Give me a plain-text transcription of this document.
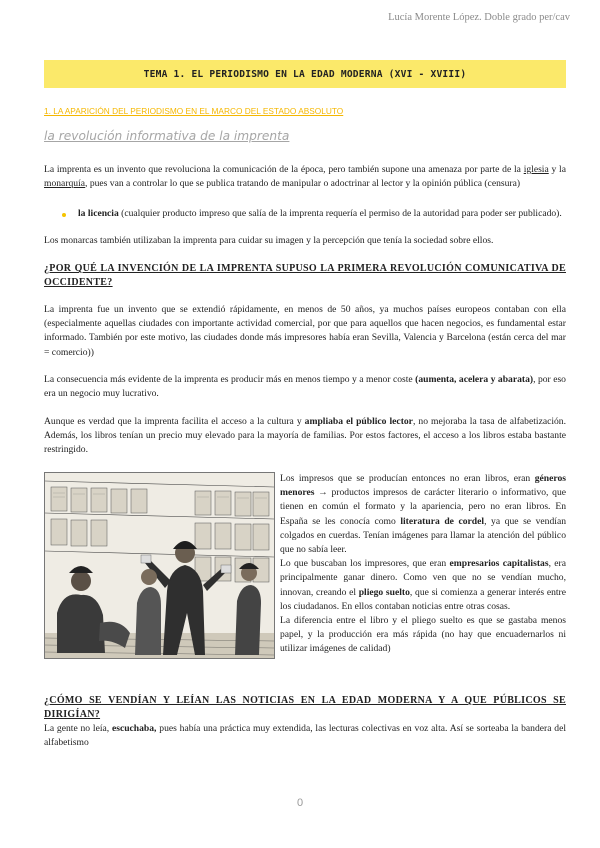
Lucía Morente López. Doble grado per/cav
TEMA 1. EL PERIODISMO EN LA EDAD MODERNA (XVI - XVIII)
1. LA APARICIÓN DEL PERIODISMO EN EL MARCO DEL ESTADO ABSOLUTO
la revolución informativa de la imprenta

La imprenta es un invento que revoluciona la comunicación de la época, pero también supone una amenaza por parte de la iglesia y la monarquía, pues van a controlar lo que se publica tratando de manipular o adoctrinar al lector y la opinión pública (censura)

la licencia (cualquier producto impreso que salía de la imprenta requería el permiso de la autoridad para poder ser publicado).

Los monarcas también utilizaban la imprenta para cuidar su imagen y la percepción que tenía la sociedad sobre ellos.

¿POR QUÉ LA INVENCIÓN DE LA IMPRENTA SUPUSO LA PRIMERA REVOLUCIÓN COMUNICATIVA DE OCCIDENTE?

La imprenta fue un invento que se extendió rápidamente, en menos de 50 años, ya muchos países europeos contaban con ella (especialmente aquellas ciudades con importante actividad comercial, por que para aquellos que hacen negocios, es fundamental estar informado. También por este motivo, las ciudades donde más impresores había eran Sevilla, Valencia y Barcelona (están cerca del mar = comercio))

La consecuencia más evidente de la imprenta es producir más en menos tiempo y a menor coste (aumenta, acelera y abarata), por eso era un negocio muy lucrativo.

Aunque es verdad que la imprenta facilita el acceso a la cultura y ampliaba el público lector, no mejoraba la tasa de alfabetización. Además, los libros tenían un precio muy elevado para la mayoría de familias. Por estos factores, el acceso a los libros estaba bastante restringido.

Los impresos que se producían entonces no eran libros, eran géneros menores → productos impresos de carácter literario o informativo, que tienen en común el formato y la apariencia, pero no eran libros. En España se les conocía como literatura de cordel, ya que se vendían colgados en cuerdas. Tenían imágenes para llamar la atención del público que no sabía leer.

Lo que buscaban los impresores, que eran empresarios capitalistas, era principalmente ganar dinero. Como ven que no se vendían mucho, innovan, creando el pliego suelto, que si comienza a generar interés entre los ciudadanos. En ellos contaban noticias entre otras cosas.

La diferencia entre el libro y el pliego suelto es que se gastaba menos papel, y la producción era más rápida (no hay que encuadernarlos ni utilizar imágenes de calidad)

¿CÓMO SE VENDÍAN Y LEÍAN LAS NOTICIAS EN LA EDAD MODERNA Y A QUE PÚBLICOS SE DIRIGÍAN?

La gente no leía, escuchaba, pues había una práctica muy extendida, las lecturas colectivas en voz alta. Así se sorteaba la bandera del alfabetismo

0
